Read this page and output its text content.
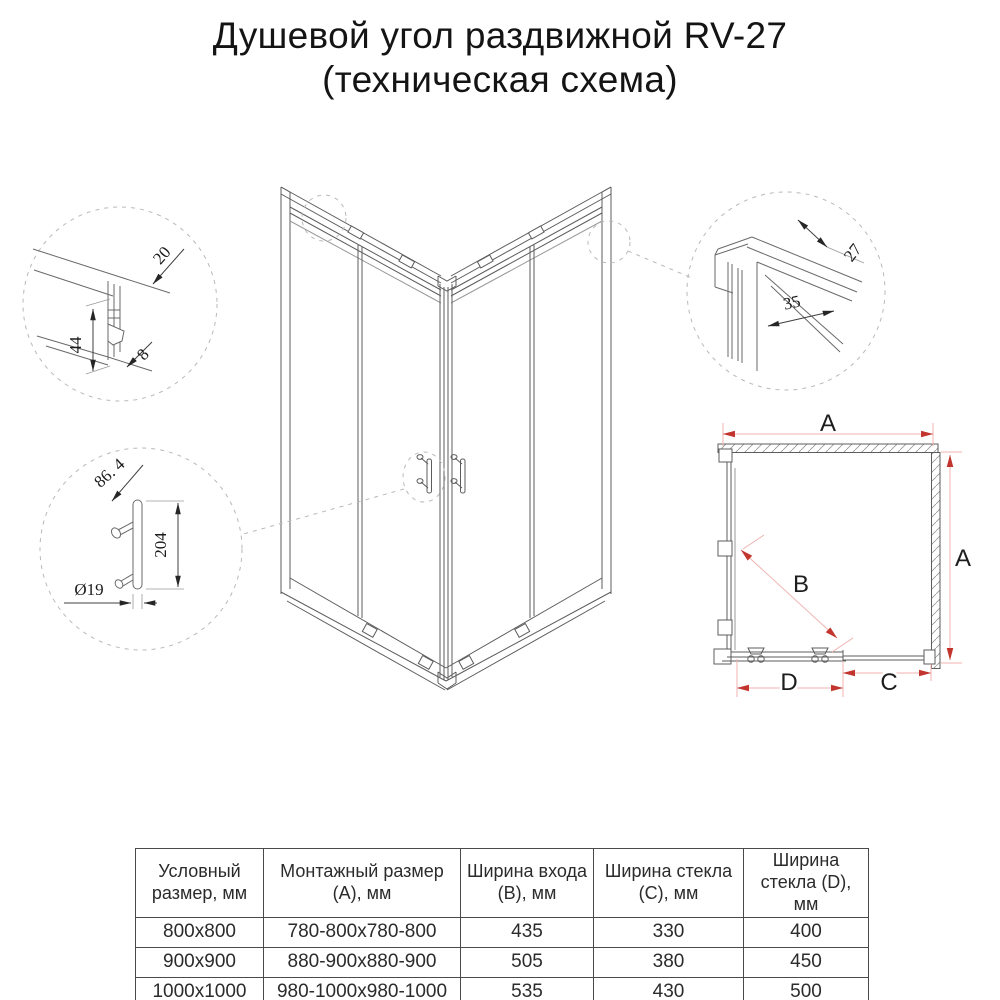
Душевой угол раздвижной RV-27
(техническая схема)
20
44	8
27
35
86. 4
204
Ø19
A
A
B
C
D
Условный размер, мм	Монтажный размер (А), мм	Ширина входа (В), мм	Ширина стекла (С), мм	Ширина стекла (D), мм
800x800	780-800x780-800	435	330	400
900x900	880-900x880-900	505	380	450
1000x1000	980-1000x980-1000	535	430	500
